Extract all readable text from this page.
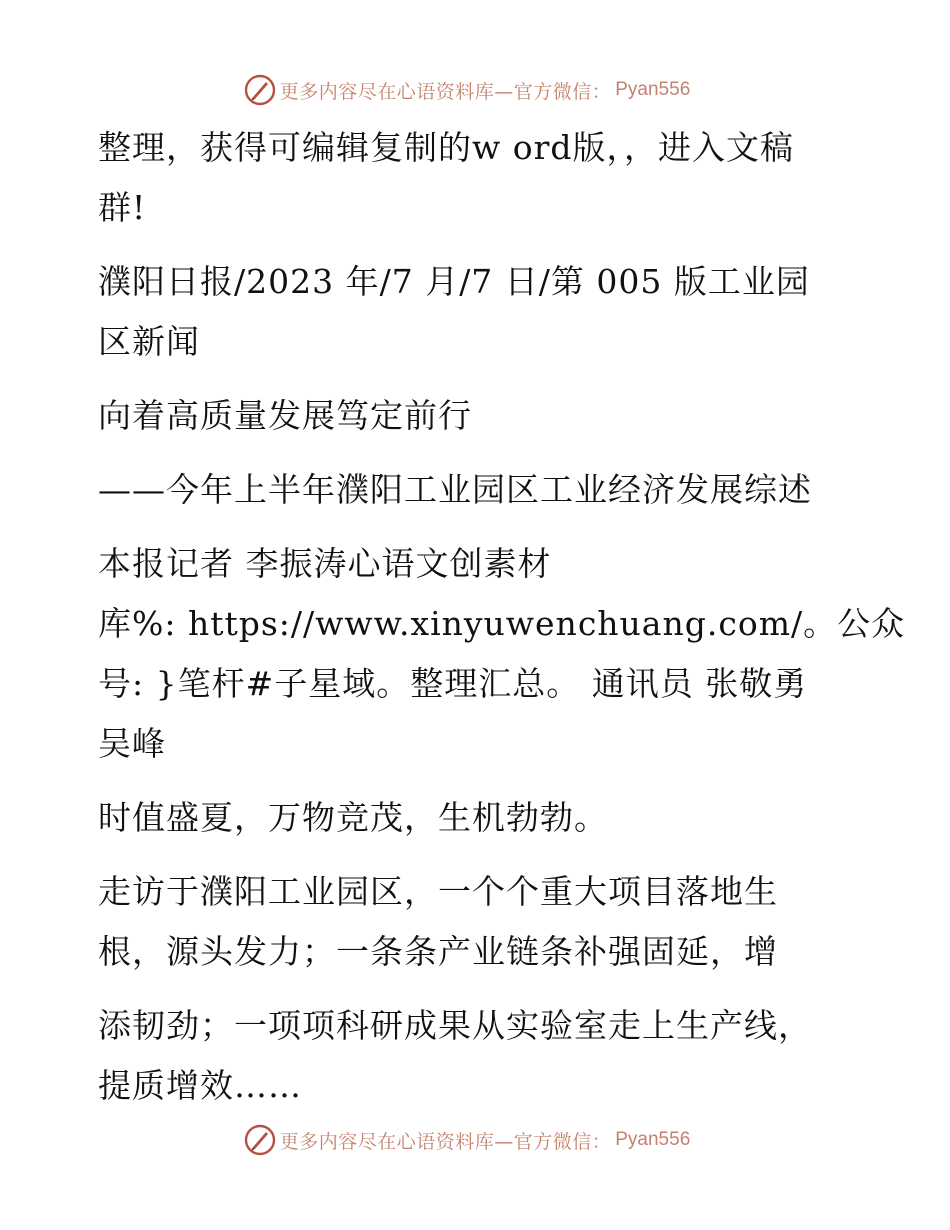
更多内容尽在心语资料库—官方微信： Pyan556

整理，获得可编辑复制的w ord版，，进入文稿
群!

濮阳日报/2023 年/7 月/7 日/第 005 版工业园
区新闻

向着高质量发展笃定前行

——今年上半年濮阳工业园区工业经济发展综述

本报记者 李振涛心语文创素材
库%: https://www.xinyuwenchuang.com/。公众
号: }笔杆#子星域。整理汇总。 通讯员 张敬勇
吴峰

时值盛夏，万物竞茂，生机勃勃。

走访于濮阳工业园区，一个个重大项目落地生
根，源头发力；一条条产业链条补强固延，增

添韧劲；一项项科研成果从实验室走上生产线，
提质增效……

更多内容尽在心语资料库—官方微信： Pyan556
